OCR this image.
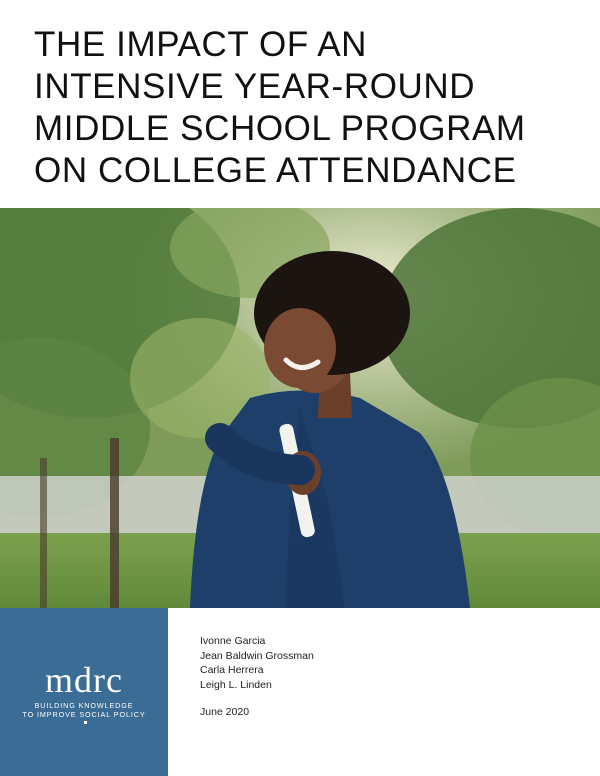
THE IMPACT OF AN
INTENSIVE YEAR-ROUND
MIDDLE SCHOOL PROGRAM
ON COLLEGE ATTENDANCE
mdrc
BUILDING KNOWLEDGE
TO IMPROVE SOCIAL POLICY
Ivonne Garcia
Jean Baldwin Grossman
Carla Herrera
Leigh L. Linden
June 2020
